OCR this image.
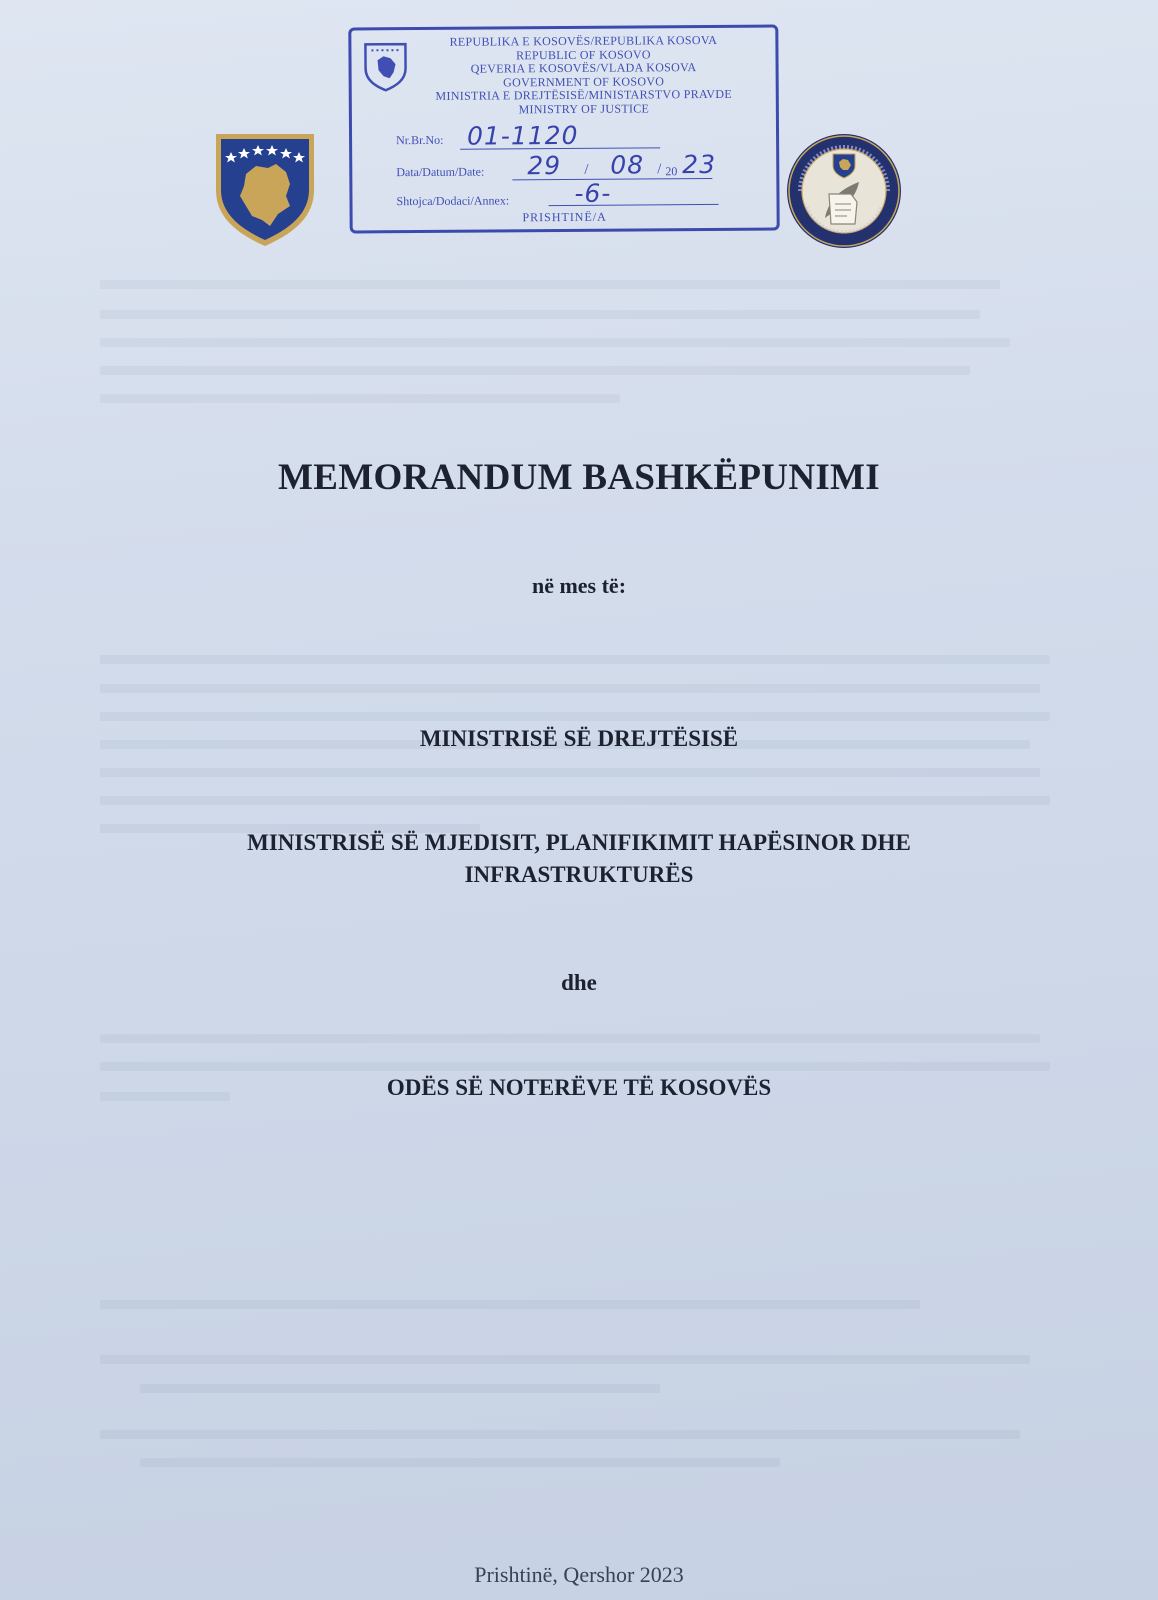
REPUBLIKA E KOSOVËS/REPUBLIKA KOSOVA
REPUBLIC OF KOSOVO
QEVERIA E KOSOVËS/VLADA KOSOVA
GOVERNMENT OF KOSOVO
MINISTRIA E DREJTËSISË/MINISTARSTVO PRAVDE
MINISTRY OF JUSTICE
Nr.Br.No: 01-1120
Data/Datum/Date: 29 / 08 / 20 23
Shtojca/Dodaci/Annex:	-6-
PRISHTINË/A
MEMORANDUM BASHKËPUNIMI
në mes të:
MINISTRISË SË DREJTËSISË
MINISTRISË SË MJEDISIT, PLANIFIKIMIT HAPËSINOR DHE
INFRASTRUKTURËS
dhe
ODËS SË NOTERËVE TË KOSOVËS
Prishtinë, Qershor 2023
